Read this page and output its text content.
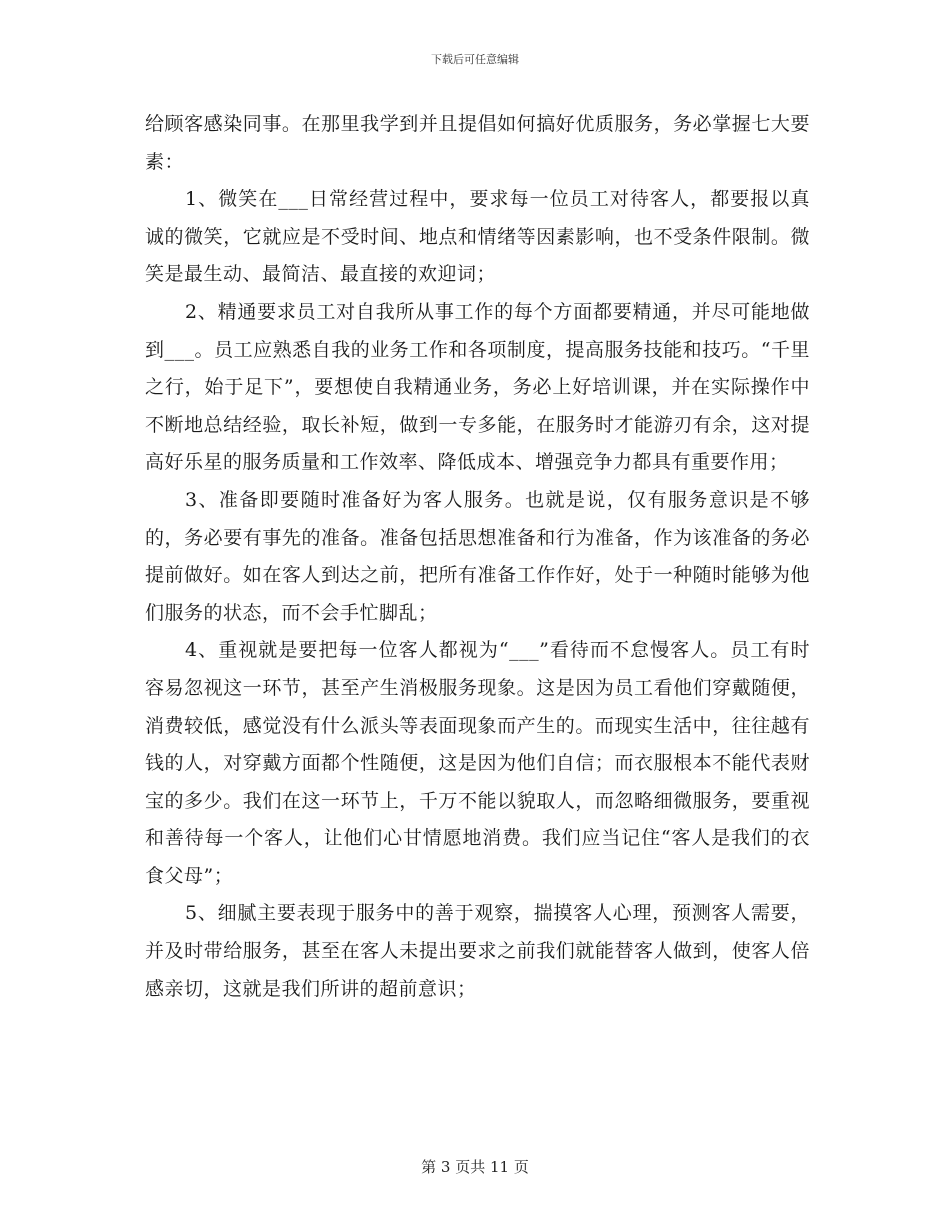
下载后可任意编辑

给顾客感染同事。在那里我学到并且提倡如何搞好优质服务，务必掌握七大要素：

1、微笑在___日常经营过程中，要求每一位员工对待客人，都要报以真诚的微笑，它就应是不受时间、地点和情绪等因素影响，也不受条件限制。微笑是最生动、最简洁、最直接的欢迎词；

2、精通要求员工对自我所从事工作的每个方面都要精通，并尽可能地做到___。员工应熟悉自我的业务工作和各项制度，提高服务技能和技巧。“千里之行，始于足下”，要想使自我精通业务，务必上好培训课，并在实际操作中不断地总结经验，取长补短，做到一专多能，在服务时才能游刃有余，这对提高好乐星的服务质量和工作效率、降低成本、增强竞争力都具有重要作用；

3、准备即要随时准备好为客人服务。也就是说，仅有服务意识是不够的，务必要有事先的准备。准备包括思想准备和行为准备，作为该准备的务必提前做好。如在客人到达之前，把所有准备工作作好，处于一种随时能够为他们服务的状态，而不会手忙脚乱；

4、重视就是要把每一位客人都视为“___”看待而不怠慢客人。员工有时容易忽视这一环节，甚至产生消极服务现象。这是因为员工看他们穿戴随便，消费较低，感觉没有什么派头等表面现象而产生的。而现实生活中，往往越有钱的人，对穿戴方面都个性随便，这是因为他们自信；而衣服根本不能代表财宝的多少。我们在这一环节上，千万不能以貌取人，而忽略细微服务，要重视和善待每一个客人，让他们心甘情愿地消费。我们应当记住“客人是我们的衣食父母”；

5、细腻主要表现于服务中的善于观察，揣摸客人心理，预测客人需要，并及时带给服务，甚至在客人未提出要求之前我们就能替客人做到，使客人倍感亲切，这就是我们所讲的超前意识；

第 3 页共 11 页
